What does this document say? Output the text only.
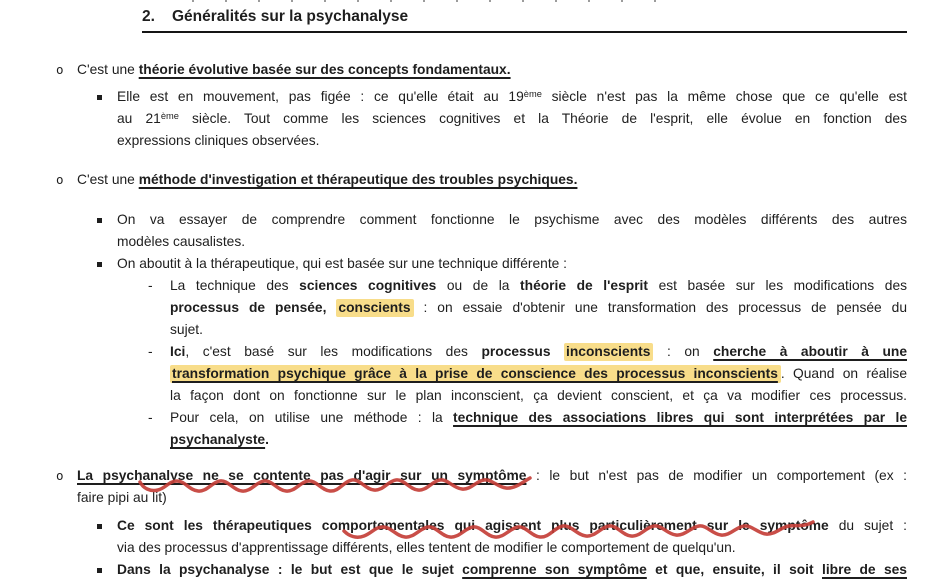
2. Généralités sur la psychanalyse
o C'est une théorie évolutive basée sur des concepts fondamentaux.
Elle est en mouvement, pas figée : ce qu'elle était au 19ème siècle n'est pas la même chose que ce qu'elle est
au 21ème siècle. Tout comme les sciences cognitives et la Théorie de l'esprit, elle évolue en fonction des
expressions cliniques observées.
o C'est une méthode d'investigation et thérapeutique des troubles psychiques.
On va essayer de comprendre comment fonctionne le psychisme avec des modèles différents des autres
modèles causalistes.
On aboutit à la thérapeutique, qui est basée sur une technique différente :
- La technique des sciences cognitives ou de la théorie de l'esprit est basée sur les modifications des
processus de pensée, conscients : on essaie d'obtenir une transformation des processus de pensée du
sujet.
- Ici, c'est basé sur les modifications des processus inconscients : on cherche à aboutir à une
transformation psychique grâce à la prise de conscience des processus inconscients . Quand on réalise
la façon dont on fonctionne sur le plan inconscient, ça devient conscient, et ça va modifier ces processus.
- Pour cela, on utilise une méthode : la technique des associations libres qui sont interprétées par le
psychanalyste.
o La psychanalyse ne se contente pas d'agir sur un symptôme : le but n'est pas de modifier un comportement (ex :
faire pipi au lit)
Ce sont les thérapeutiques comportementales qui agissent plus particulièrement sur le symptôme du sujet :
via des processus d'apprentissage différents, elles tentent de modifier le comportement de quelqu'un.
Dans la psychanalyse : le but est que le sujet comprenne son symptôme et que, ensuite, il soit libre de ses
